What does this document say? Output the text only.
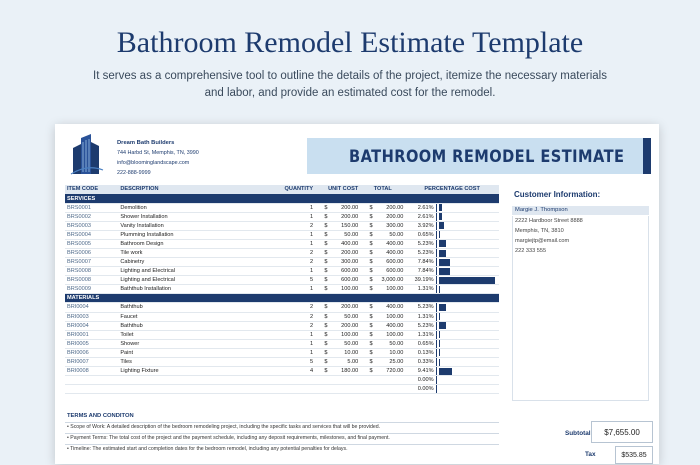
Bathroom Remodel Estimate Template
It serves as a comprehensive tool to outline the details of the project, itemize the necessary materials and labor, and provide an estimated cost for the remodel.
Dream Bath Builders
744 Harbd St, Memphis, TN, 3990
info@bloominglandscape.com
222-888-9999
BATHROOM REMODEL ESTIMATE
ITEM CODE	DESCRIPTION	QUANTITY	UNIT COST		TOTAL		PERCENTAGE COST	
SERVICES								
BRS0001	Demolition	1	$	200.00	$	200.00	2.61%	

BRS0002	Shower Installation	1	$	200.00	$	200.00	2.61%	

BRS0003	Vanity Installation	2	$	150.00	$	300.00	3.92%	

BRS0004	Plumming Installation	1	$	50.00	$	50.00	0.65%	

BRS0005	Bathroom Design	1	$	400.00	$	400.00	5.23%	

BRS0006	Tile work	2	$	200.00	$	400.00	5.23%	

BRS0007	Cabinetry	2	$	300.00	$	600.00	7.84%	

BRS0008	Lighting and Electrical	1	$	600.00	$	600.00	7.84%	

BRS0008	Lighting and Electrical	5	$	600.00	$	3,000.00	39.19%	

BRS0009	Baththub Installation	1	$	100.00	$	100.00	1.31%	

MATERIALS								
BRI0004	Baththub	2	$	200.00	$	400.00	5.23%	

BRI0003	Faucet	2	$	50.00	$	100.00	1.31%	

BRI0004	Baththub	2	$	200.00	$	400.00	5.23%	

BRI0001	Toilet	1	$	100.00	$	100.00	1.31%	

BRI0005	Shower	1	$	50.00	$	50.00	0.65%	

BRI0006	Paint	1	$	10.00	$	10.00	0.13%	

BRI0007	Tiles	5	$	5.00	$	25.00	0.33%	

BRI0008	Lighting Fixture	4	$	180.00	$	720.00	9.41%	

							0.00%	

							0.00%	
Customer Information:
Margie J. Thompson
2222 Hardboor Street 8888
Memphis, TN, 3810
margiejtp@email.com
222 333 555
TERMS AND CONDITON
• Scope of Work: A detailed description of the bedroom remodeling project, including the specific tasks and services that will be provided.
• Payment Terms: The total cost of the project and the payment schedule, including any deposit requirements, milestones, and final payment.
• Timeline: The estimated start and completion dates for the bedroom remodel, including any potential penalties for delays.
Subtotal	$7,655.00
Tax	$535.85
